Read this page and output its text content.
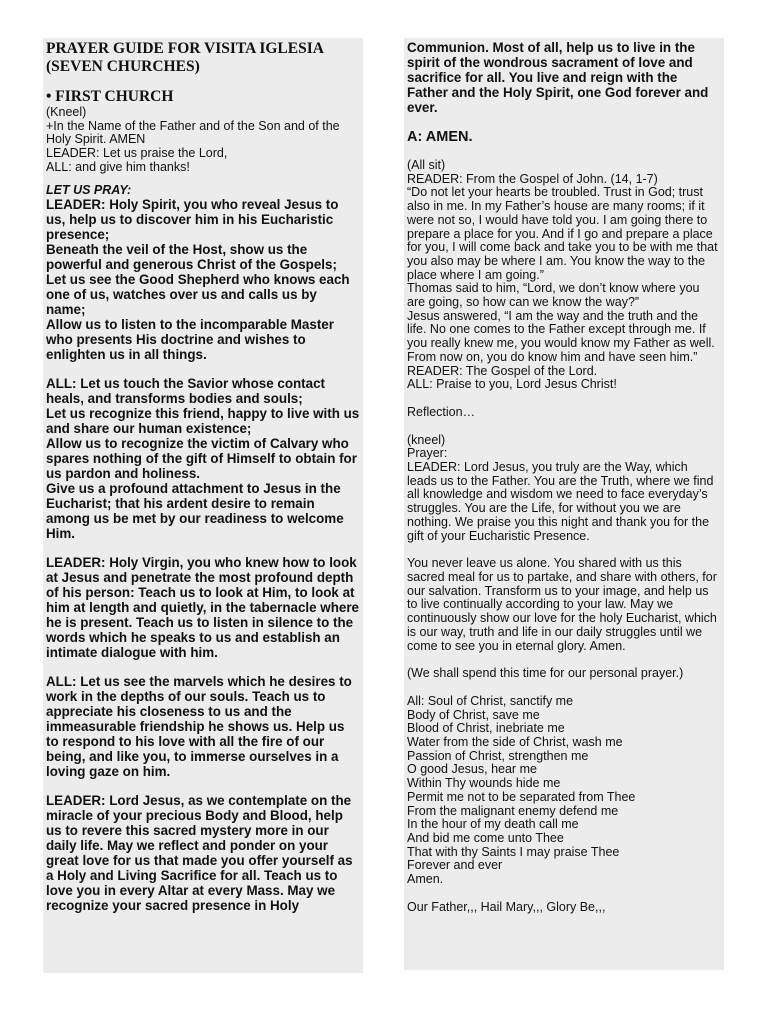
PRAYER GUIDE FOR VISITA IGLESIA

(SEVEN CHURCHES)

• FIRST CHURCH

(Kneel)

+In the Name of the Father and of the Son and of the Holy Spirit. AMEN

LEADER: Let us praise the Lord,

ALL: and give him thanks!

LET US PRAY:

LEADER: Holy Spirit, you who reveal Jesus to us, help us to discover him in his Eucharistic presence;

Beneath the veil of the Host, show us the powerful and generous Christ of the Gospels;

Let us see the Good Shepherd who knows each one of us, watches over us and calls us by name;

Allow us to listen to the incomparable Master who presents His doctrine and wishes to enlighten us in all things.

ALL: Let us touch the Savior whose contact heals, and transforms bodies and souls;

Let us recognize this friend, happy to live with us and share our human existence;

Allow us to recognize the victim of Calvary who spares nothing of the gift of Himself to obtain for us pardon and holiness.

Give us a profound attachment to Jesus in the Eucharist; that his ardent desire to remain among us be met by our readiness to welcome Him.

LEADER: Holy Virgin, you who knew how to look at Jesus and penetrate the most profound depth of his person: Teach us to look at Him, to look at him at length and quietly, in the tabernacle where he is present. Teach us to listen in silence to the words which he speaks to us and establish an intimate dialogue with him.

ALL: Let us see the marvels which he desires to work in the depths of our souls. Teach us to appreciate his closeness to us and the immeasurable friendship he shows us. Help us to respond to his love with all the fire of our being, and like you, to immerse ourselves in a loving gaze on him.

LEADER: Lord Jesus, as we contemplate on the miracle of your precious Body and Blood, help us to revere this sacred mystery more in our daily life. May we reflect and ponder on your great love for us that made you offer yourself as a Holy and Living Sacrifice for all. Teach us to love you in every Altar at every Mass. May we recognize your sacred presence in Holy

Communion. Most of all, help us to live in the spirit of the wondrous sacrament of love and sacrifice for all. You live and reign with the Father and the Holy Spirit, one God forever and ever.

A: AMEN.

(All sit)

READER: From the Gospel of John. (14, 1-7)

“Do not let your hearts be troubled. Trust in God; trust also in me. In my Father’s house are many rooms; if it were not so, I would have told you. I am going there to prepare a place for you. And if I go and prepare a place for you, I will come back and take you to be with me that you also may be where I am. You know the way to the place where I am going.”

Thomas said to him, “Lord, we don’t know where you are going, so how can we know the way?”

Jesus answered, “I am the way and the truth and the life. No one comes to the Father except through me. If you really knew me, you would know my Father as well. From now on, you do know him and have seen him.”

READER: The Gospel of the Lord.

ALL: Praise to you, Lord Jesus Christ!

Reflection…

(kneel)

Prayer:

LEADER: Lord Jesus, you truly are the Way, which leads us to the Father. You are the Truth, where we find all knowledge and wisdom we need to face everyday’s struggles. You are the Life, for without you we are nothing. We praise you this night and thank you for the gift of your Eucharistic Presence.

You never leave us alone. You shared with us this sacred meal for us to partake, and share with others, for our salvation. Transform us to your image, and help us to live continually according to your law. May we continuously show our love for the holy Eucharist, which is our way, truth and life in our daily struggles until we come to see you in eternal glory. Amen.

(We shall spend this time for our personal prayer.)

All: Soul of Christ, sanctify me

Body of Christ, save me

Blood of Christ, inebriate me

Water from the side of Christ, wash me

Passion of Christ, strengthen me

O good Jesus, hear me

Within Thy wounds hide me

Permit me not to be separated from Thee

From the malignant enemy defend me

In the hour of my death call me

And bid me come unto Thee

That with thy Saints I may praise Thee

Forever and ever

Amen.

Our Father,,, Hail Mary,,, Glory Be,,,
